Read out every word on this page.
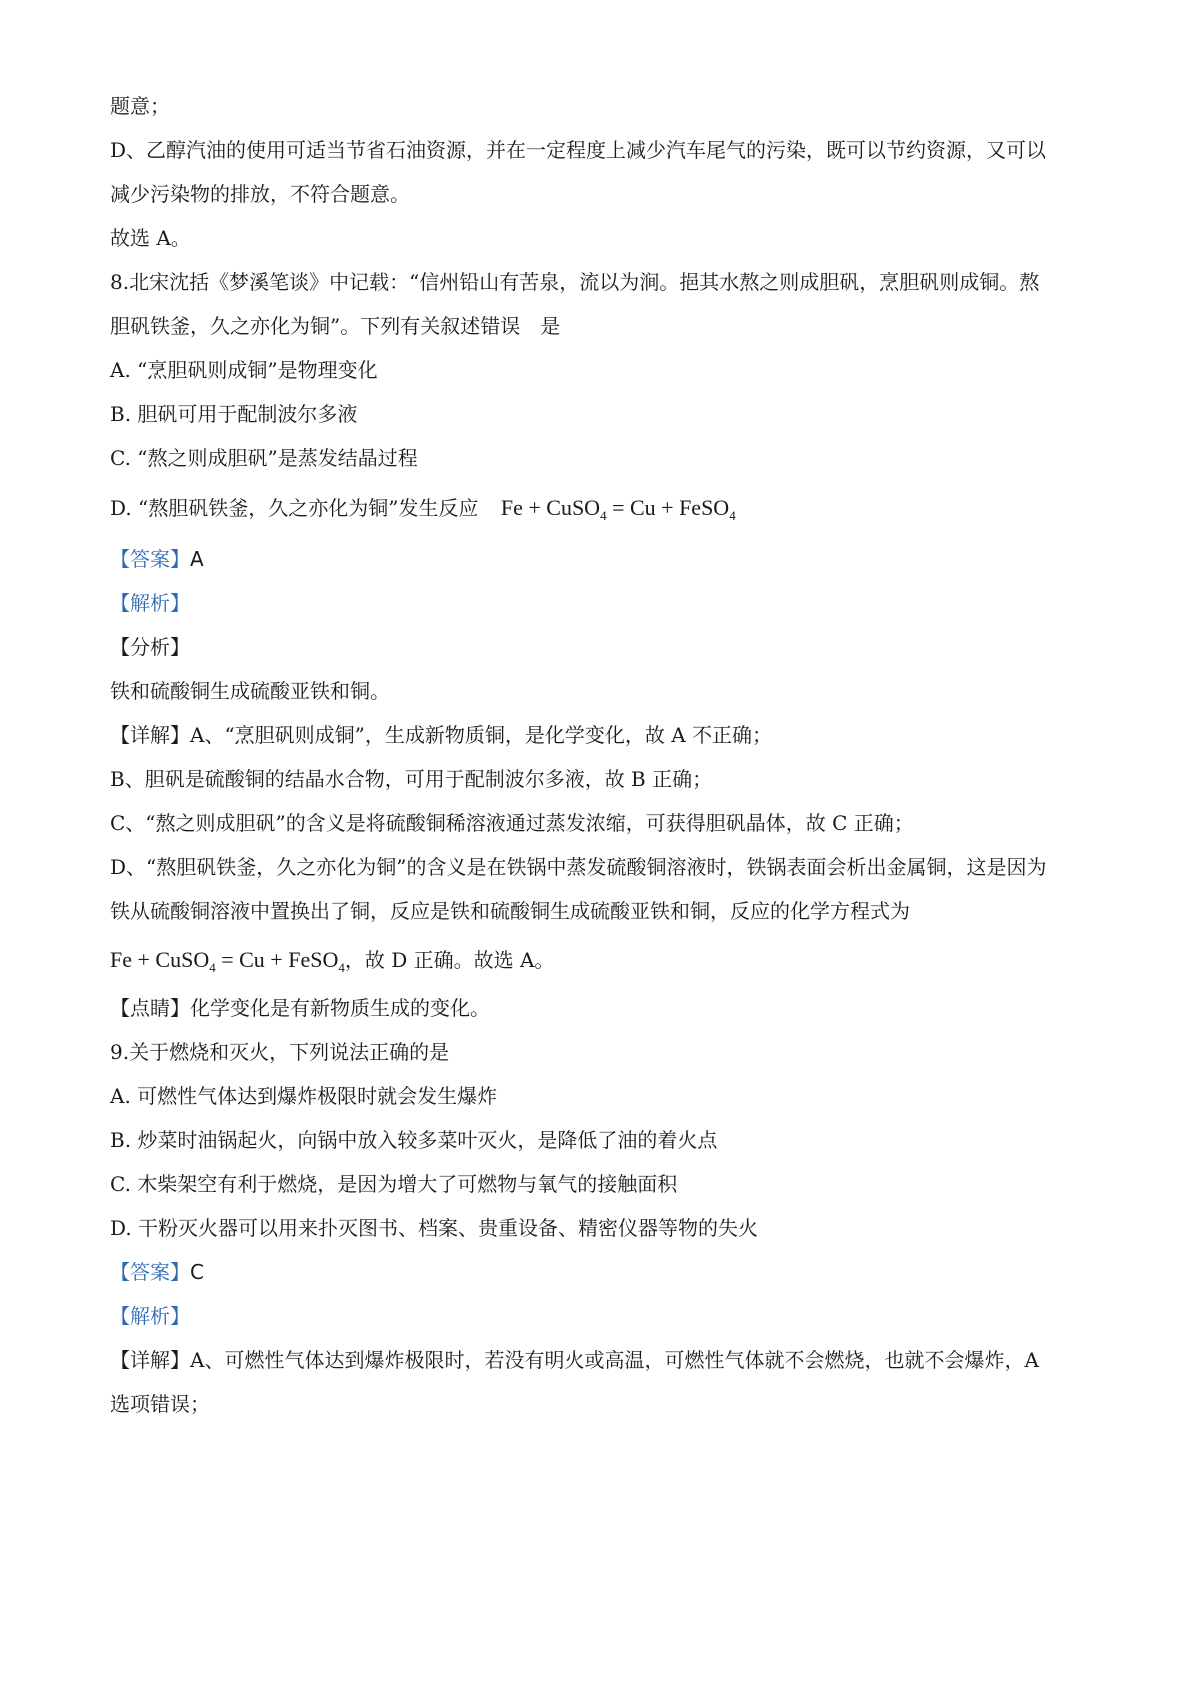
题意；
D、乙醇汽油的使用可适当节省石油资源，并在一定程度上减少汽车尾气的污染，既可以节约资源，又可以
减少污染物的排放，不符合题意。
故选 A。
8.北宋沈括《梦溪笔谈》中记载：“信州铅山有苦泉，流以为涧。挹其水熬之则成胆矾，烹胆矾则成铜。熬
胆矾铁釜，久之亦化为铜”。下列有关叙述错误　是
A. “烹胆矾则成铜”是物理变化
B. 胆矾可用于配制波尔多液
C. “熬之则成胆矾”是蒸发结晶过程
D. “熬胆矾铁釜，久之亦化为铜”发生反应 Fe + CuSO$_4$ = Cu + FeSO$_4$
【答案】A
【解析】
【分析】
铁和硫酸铜生成硫酸亚铁和铜。
【详解】A、“烹胆矾则成铜”，生成新物质铜，是化学变化，故 A 不正确；
B、胆矾是硫酸铜的结晶水合物，可用于配制波尔多液，故 B 正确；
C、“熬之则成胆矾”的含义是将硫酸铜稀溶液通过蒸发浓缩，可获得胆矾晶体，故 C 正确；
D、“熬胆矾铁釜，久之亦化为铜”的含义是在铁锅中蒸发硫酸铜溶液时，铁锅表面会析出金属铜，这是因为
铁从硫酸铜溶液中置换出了铜，反应是铁和硫酸铜生成硫酸亚铁和铜，反应的化学方程式为
Fe + CuSO$_4$ = Cu + FeSO$_4$，故 D 正确。故选 A。
【点睛】化学变化是有新物质生成的变化。
9.关于燃烧和灭火，下列说法正确的是
A. 可燃性气体达到爆炸极限时就会发生爆炸
B. 炒菜时油锅起火，向锅中放入较多菜叶灭火，是降低了油的着火点
C. 木柴架空有利于燃烧，是因为增大了可燃物与氧气的接触面积
D. 干粉灭火器可以用来扑灭图书、档案、贵重设备、精密仪器等物的失火
【答案】C
【解析】
【详解】A、可燃性气体达到爆炸极限时，若没有明火或高温，可燃性气体就不会燃烧，也就不会爆炸，A
选项错误；
